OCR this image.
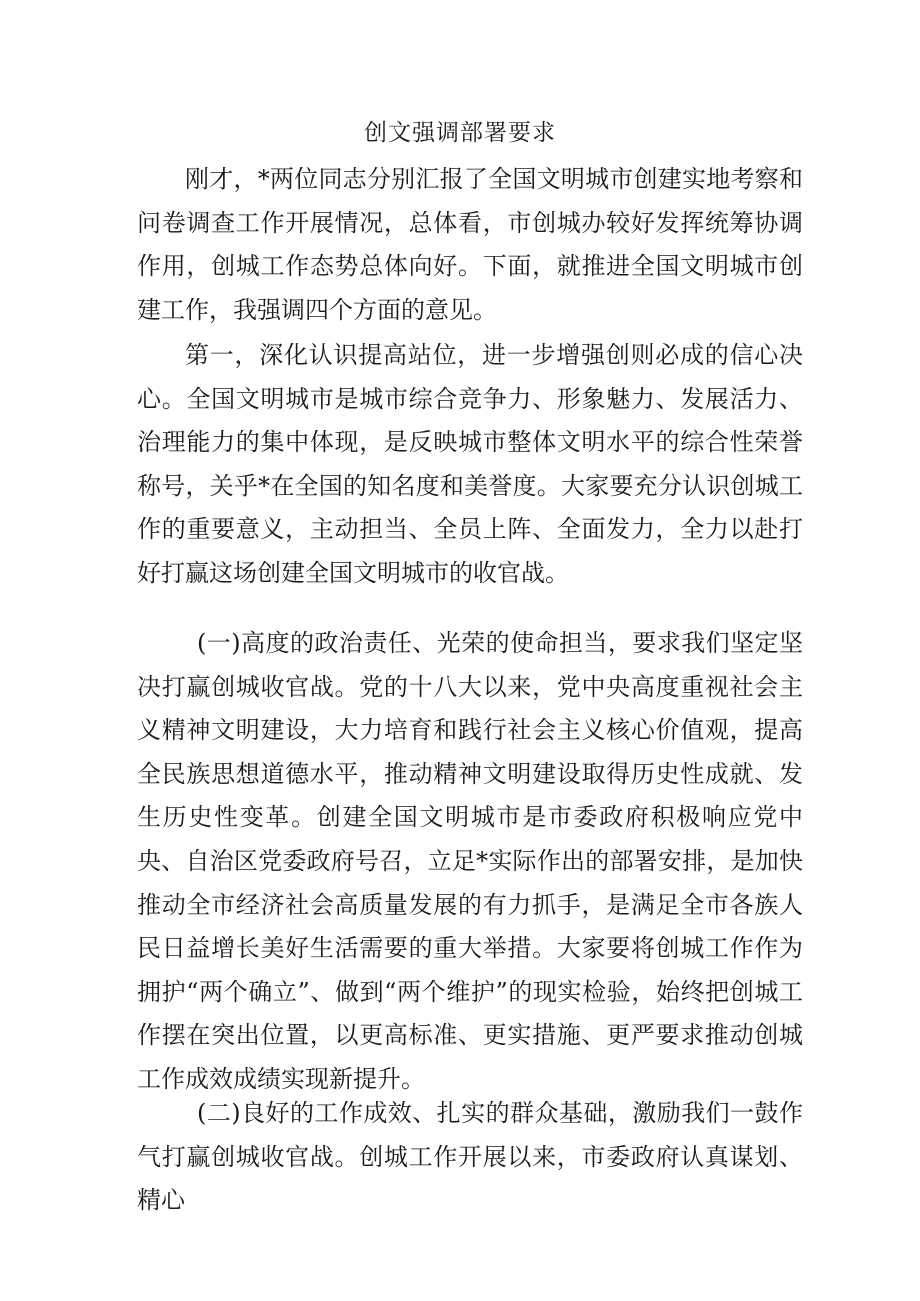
创文强调部署要求

刚才，*两位同志分别汇报了全国文明城市创建实地考察和问卷调查工作开展情况，总体看，市创城办较好发挥统筹协调作用，创城工作态势总体向好。下面，就推进全国文明城市创建工作，我强调四个方面的意见。

第一，深化认识提高站位，进一步增强创则必成的信心决心。全国文明城市是城市综合竞争力、形象魅力、发展活力、治理能力的集中体现，是反映城市整体文明水平的综合性荣誉称号，关乎*在全国的知名度和美誉度。大家要充分认识创城工作的重要意义，主动担当、全员上阵、全面发力，全力以赴打好打赢这场创建全国文明城市的收官战。

(一)高度的政治责任、光荣的使命担当，要求我们坚定坚决打赢创城收官战。党的十八大以来，党中央高度重视社会主义精神文明建设，大力培育和践行社会主义核心价值观，提高全民族思想道德水平，推动精神文明建设取得历史性成就、发生历史性变革。创建全国文明城市是市委政府积极响应党中央、自治区党委政府号召，立足*实际作出的部署安排，是加快推动全市经济社会高质量发展的有力抓手，是满足全市各族人民日益增长美好生活需要的重大举措。大家要将创城工作作为拥护“两个确立”、做到“两个维护”的现实检验，始终把创城工作摆在突出位置，以更高标准、更实措施、更严要求推动创城工作成效成绩实现新提升。

(二)良好的工作成效、扎实的群众基础，激励我们一鼓作气打赢创城收官战。创城工作开展以来，市委政府认真谋划、精心
